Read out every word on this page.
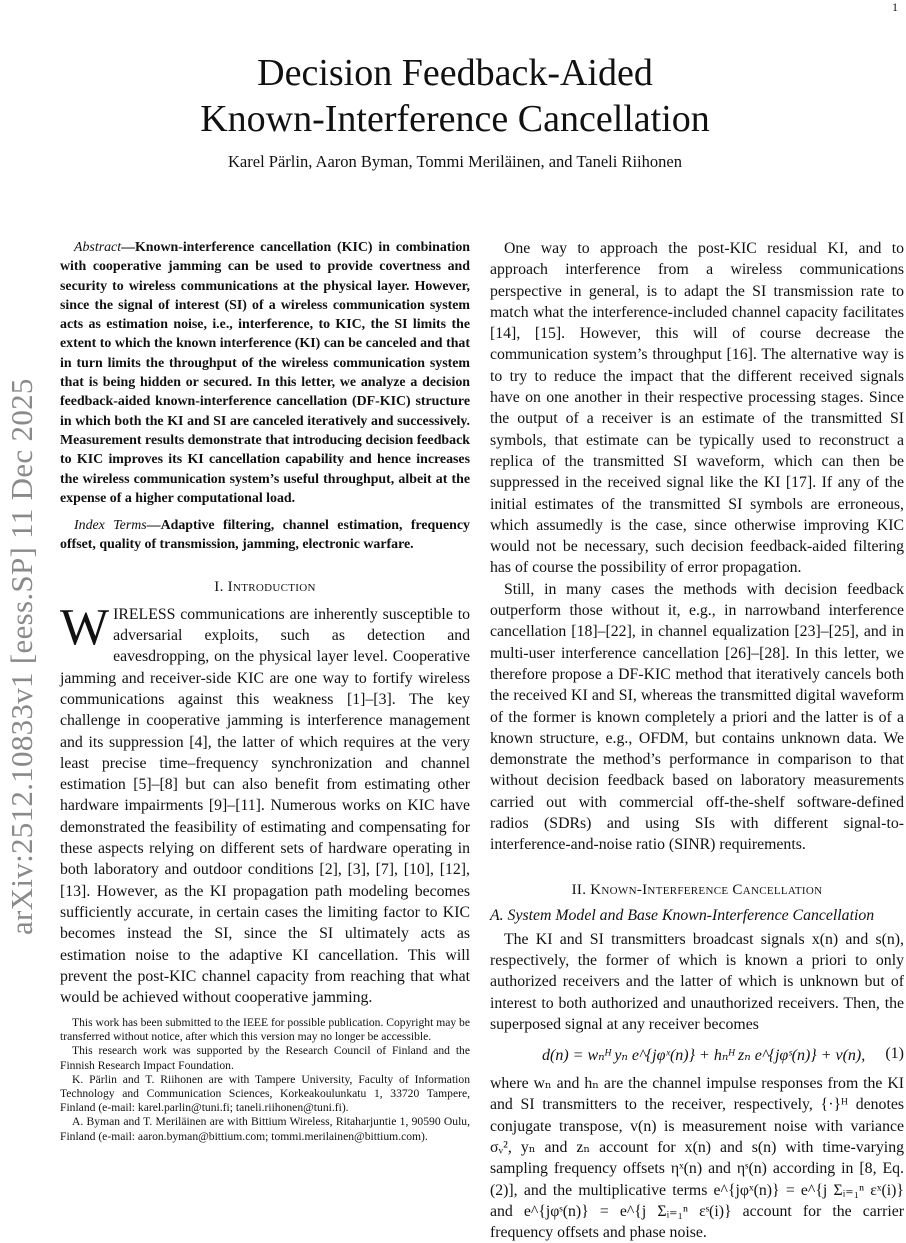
1
arXiv:2512.10833v1 [eess.SP] 11 Dec 2025
Decision Feedback-Aided
Known-Interference Cancellation
Karel Pärlin, Aaron Byman, Tommi Meriläinen, and Taneli Riihonen

Abstract—Known-interference cancellation (KIC) in combination with cooperative jamming can be used to provide covertness and security to wireless communications at the physical layer. However, since the signal of interest (SI) of a wireless communication system acts as estimation noise, i.e., interference, to KIC, the SI limits the extent to which the known interference (KI) can be canceled and that in turn limits the throughput of the wireless communication system that is being hidden or secured. In this letter, we analyze a decision feedback-aided known-interference cancellation (DF-KIC) structure in which both the KI and SI are canceled iteratively and successively. Measurement results demonstrate that introducing decision feedback to KIC improves its KI cancellation capability and hence increases the wireless communication system’s useful throughput, albeit at the expense of a higher computational load.

Index Terms—Adaptive filtering, channel estimation, frequency offset, quality of transmission, jamming, electronic warfare.

I. Introduction

WIRELESS communications are inherently susceptible to adversarial exploits, such as detection and eavesdropping, on the physical layer level. Cooperative jamming and receiver-side KIC are one way to fortify wireless communications against this weakness [1]–[3]. The key challenge in cooperative jamming is interference management and its suppression [4], the latter of which requires at the very least precise time–frequency synchronization and channel estimation [5]–[8] but can also benefit from estimating other hardware impairments [9]–[11]. Numerous works on KIC have demonstrated the feasibility of estimating and compensating for these aspects relying on different sets of hardware operating in both laboratory and outdoor conditions [2], [3], [7], [10], [12], [13]. However, as the KI propagation path modeling becomes sufficiently accurate, in certain cases the limiting factor to KIC becomes instead the SI, since the SI ultimately acts as estimation noise to the adaptive KI cancellation. This will prevent the post-KIC channel capacity from reaching that what would be achieved without cooperative jamming.

This work has been submitted to the IEEE for possible publication. Copyright may be transferred without notice, after which this version may no longer be accessible.

This research work was supported by the Research Council of Finland and the Finnish Research Impact Foundation.

K. Pärlin and T. Riihonen are with Tampere University, Faculty of Information Technology and Communication Sciences, Korkeakoulunkatu 1, 33720 Tampere, Finland (e-mail: karel.parlin@tuni.fi; taneli.riihonen@tuni.fi).

A. Byman and T. Meriläinen are with Bittium Wireless, Ritaharjuntie 1, 90590 Oulu, Finland (e-mail: aaron.byman@bittium.com; tommi.merilainen@bittium.com).

One way to approach the post-KIC residual KI, and to approach interference from a wireless communications perspective in general, is to adapt the SI transmission rate to match what the interference-included channel capacity facilitates [14], [15]. However, this will of course decrease the communication system’s throughput [16]. The alternative way is to try to reduce the impact that the different received signals have on one another in their respective processing stages. Since the output of a receiver is an estimate of the transmitted SI symbols, that estimate can be typically used to reconstruct a replica of the transmitted SI waveform, which can then be suppressed in the received signal like the KI [17]. If any of the initial estimates of the transmitted SI symbols are erroneous, which assumedly is the case, since otherwise improving KIC would not be necessary, such decision feedback-aided filtering has of course the possibility of error propagation.

Still, in many cases the methods with decision feedback outperform those without it, e.g., in narrowband interference cancellation [18]–[22], in channel equalization [23]–[25], and in multi-user interference cancellation [26]–[28]. In this letter, we therefore propose a DF-KIC method that iteratively cancels both the received KI and SI, whereas the transmitted digital waveform of the former is known completely a priori and the latter is of a known structure, e.g., OFDM, but contains unknown data. We demonstrate the method’s performance in comparison to that without decision feedback based on laboratory measurements carried out with commercial off-the-shelf software-defined radios (SDRs) and using SIs with different signal-to-interference-and-noise ratio (SINR) requirements.

II. Known-Interference Cancellation
A. System Model and Base Known-Interference Cancellation

The KI and SI transmitters broadcast signals x(n) and s(n), respectively, the former of which is known a priori to only authorized receivers and the latter of which is unknown but of interest to both authorized and unauthorized receivers. Then, the superposed signal at any receiver becomes

d(n) = wₙᴴ yₙ e^{jφˣ(n)} + hₙᴴ zₙ e^{jφˢ(n)} + v(n), (1)

where wₙ and hₙ are the channel impulse responses from the KI and SI transmitters to the receiver, respectively, {·}ᴴ denotes conjugate transpose, v(n) is measurement noise with variance σᵥ², yₙ and zₙ account for x(n) and s(n) with time-varying sampling frequency offsets ηˣ(n) and ηˢ(n) according in [8, Eq. (2)], and the multiplicative terms e^{jφˣ(n)} = e^{j Σᵢ₌₁ⁿ εˣ(i)} and e^{jφˢ(n)} = e^{j Σᵢ₌₁ⁿ εˢ(i)} account for the carrier frequency offsets and phase noise.
